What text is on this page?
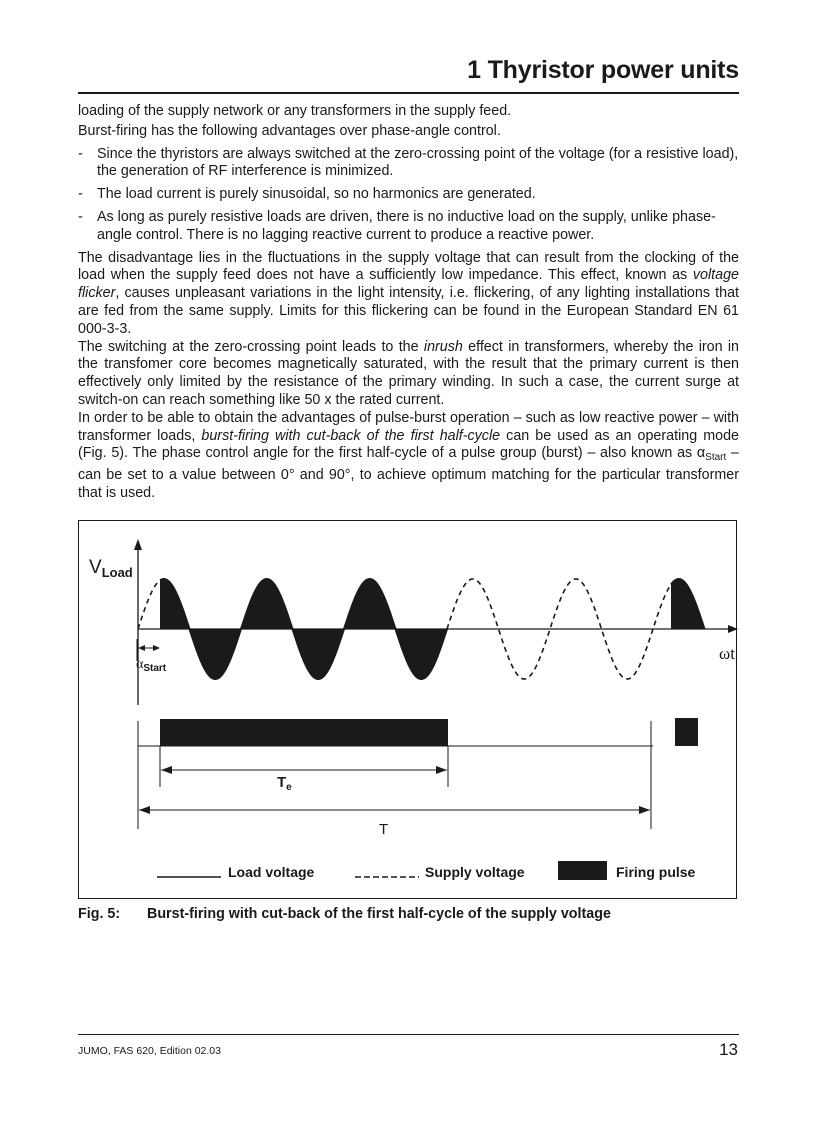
1 Thyristor power units

loading of the supply network or any transformers in the supply feed.

Burst-firing has the following advantages over phase-angle control.

- Since the thyristors are always switched at the zero-crossing point of the voltage (for a resistive load), the generation of RF interference is minimized.
- The load current is purely sinusoidal, so no harmonics are generated.
- As long as purely resistive loads are driven, there is no inductive load on the supply, unlike phase-angle control. There is no lagging reactive current to produce a reactive power.

The disadvantage lies in the fluctuations in the supply voltage that can result from the clocking of the load when the supply feed does not have a sufficiently low impedance. This effect, known as voltage flicker, causes unpleasant variations in the light intensity, i.e. flickering, of any lighting installations that are fed from the same supply. Limits for this flickering can be found in the European Standard EN 61 000-3-3.

The switching at the zero-crossing point leads to the inrush effect in transformers, whereby the iron in the transfomer core becomes magnetically saturated, with the result that the primary current is then effectively only limited by the resistance of the primary winding. In such a case, the current surge at switch-on can reach something like 50 x the rated current.

In order to be able to obtain the advantages of pulse-burst operation – such as low reactive power – with transformer loads, burst-firing with cut-back of the first half-cycle can be used as an operating mode (Fig. 5). The phase control angle for the first half-cycle of a pulse group (burst) – also known as $\alpha_{Start}$ – can be set to a value between 0° and 90°, to achieve optimum matching for the particular transformer that is used.

$V_{Load}$
ωt
$\alpha_{Start}$
$T_e$
T
Load voltage	Supply voltage	Firing pulse
Fig. 5: Burst-firing with cut-back of the first half-cycle of the supply voltage
JUMO, FAS 620, Edition 02.03	13
